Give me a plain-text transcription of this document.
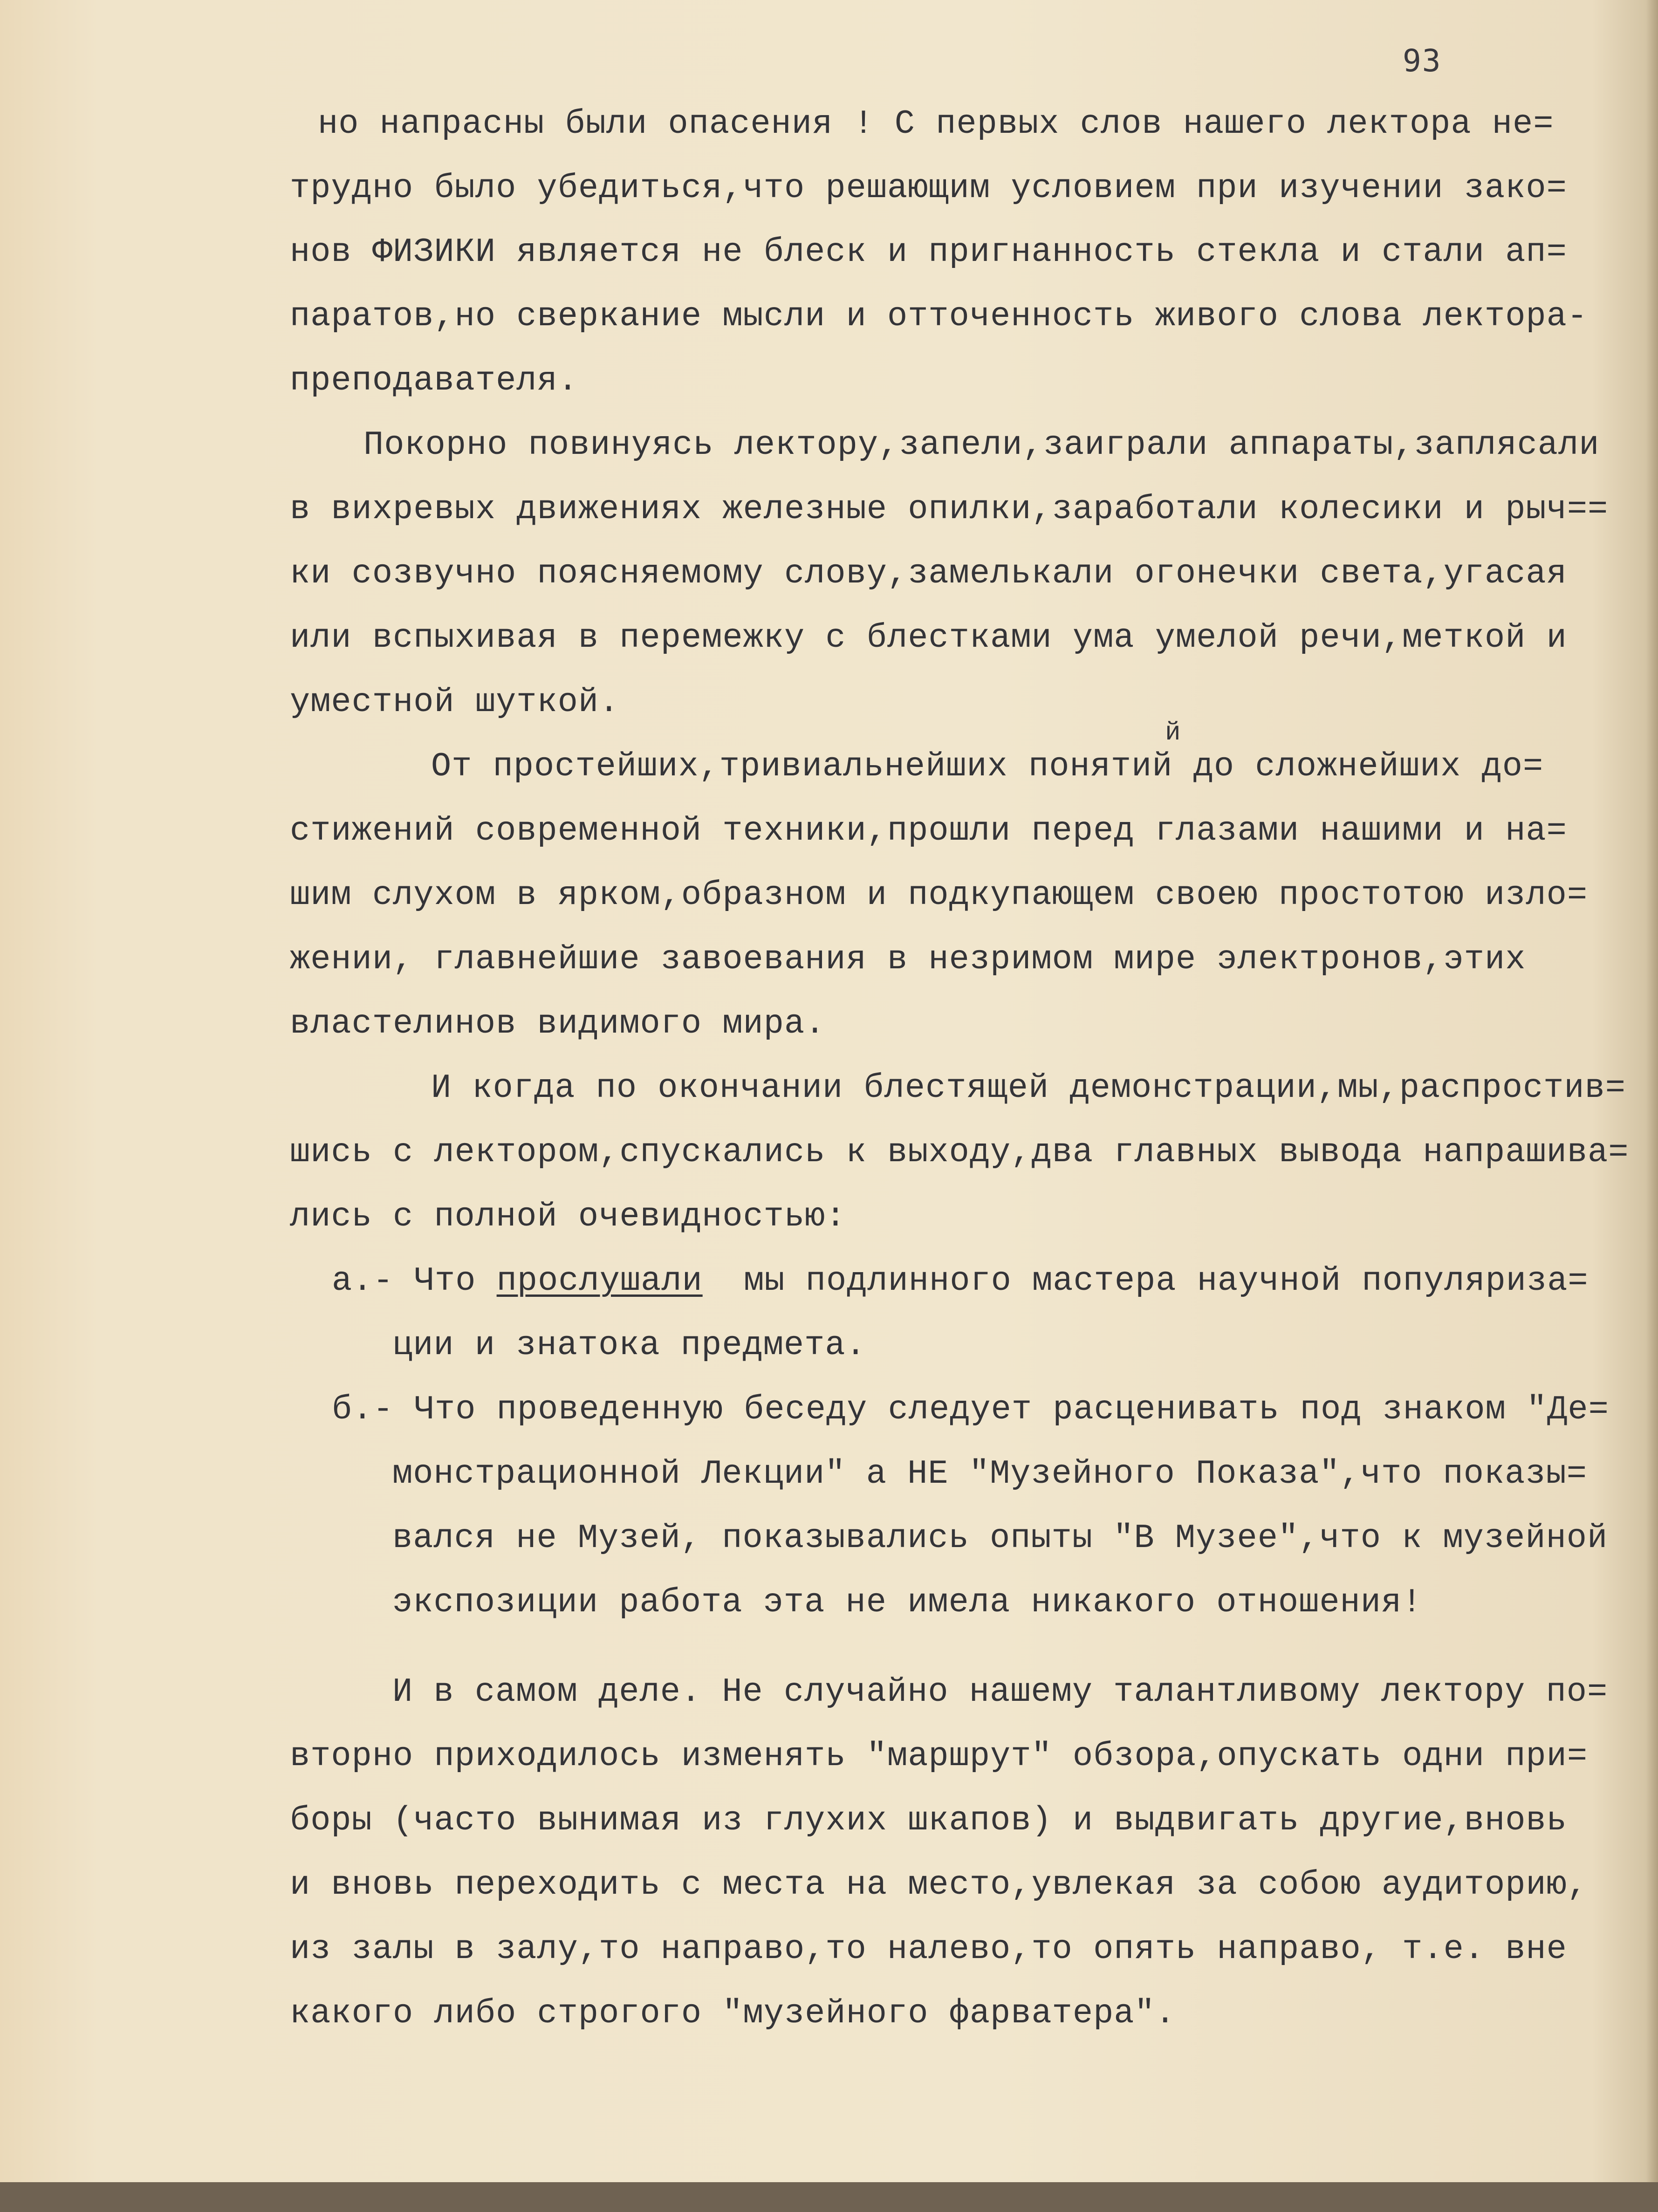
93
но напрасны были опасения ! С первых слов нашего лектора не=
трудно было убедиться,что решающим условием при изучении зако=
нов ФИЗИКИ является не блеск и пригнанность стекла и стали ап=
паратов,но сверкание мысли и отточенность живого слова лектора-
преподавателя.
Покорно повинуясь лектору,запели,заиграли аппараты,заплясали
в вихревых движениях железные опилки,заработали колесики и рыч==
ки созвучно поясняемому слову,замелькали огонечки света,угасая
или вспыхивая в перемежку с блестками ума умелой речи,меткой и
уместной шуткой.
й
От простейших,тривиальнейших понятий до сложнейших до=
стижений современной техники,прошли перед глазами нашими и на=
шим слухом в ярком,образном и подкупающем своею простотою изло=
жении, главнейшие завоевания в незримом мире электронов,этих
властелинов видимого мира.
И когда по окончании блестящей демонстрации,мы,распростив=
шись с лектором,спускались к выходу,два главных вывода напрашива=
лись с полной очевидностью:
а.- Что прослушали  мы подлинного мастера научной популяриза=
ции и знатока предмета.
б.- Что проведенную беседу следует расценивать под знаком "Де=
монстрационной Лекции" а НЕ "Музейного Показа",что показы=
вался не Музей, показывались опыты "В Музее",что к музейной
экспозиции работа эта не имела никакого отношения!
И в самом деле. Не случайно нашему талантливому лектору по=
вторно приходилось изменять "маршрут" обзора,опускать одни при=
боры (часто вынимая из глухих шкапов) и выдвигать другие,вновь
и вновь переходить с места на место,увлекая за собою аудиторию,
из залы в залу,то направо,то налево,то опять направо, т.е. вне
какого либо строгого "музейного фарватера".
